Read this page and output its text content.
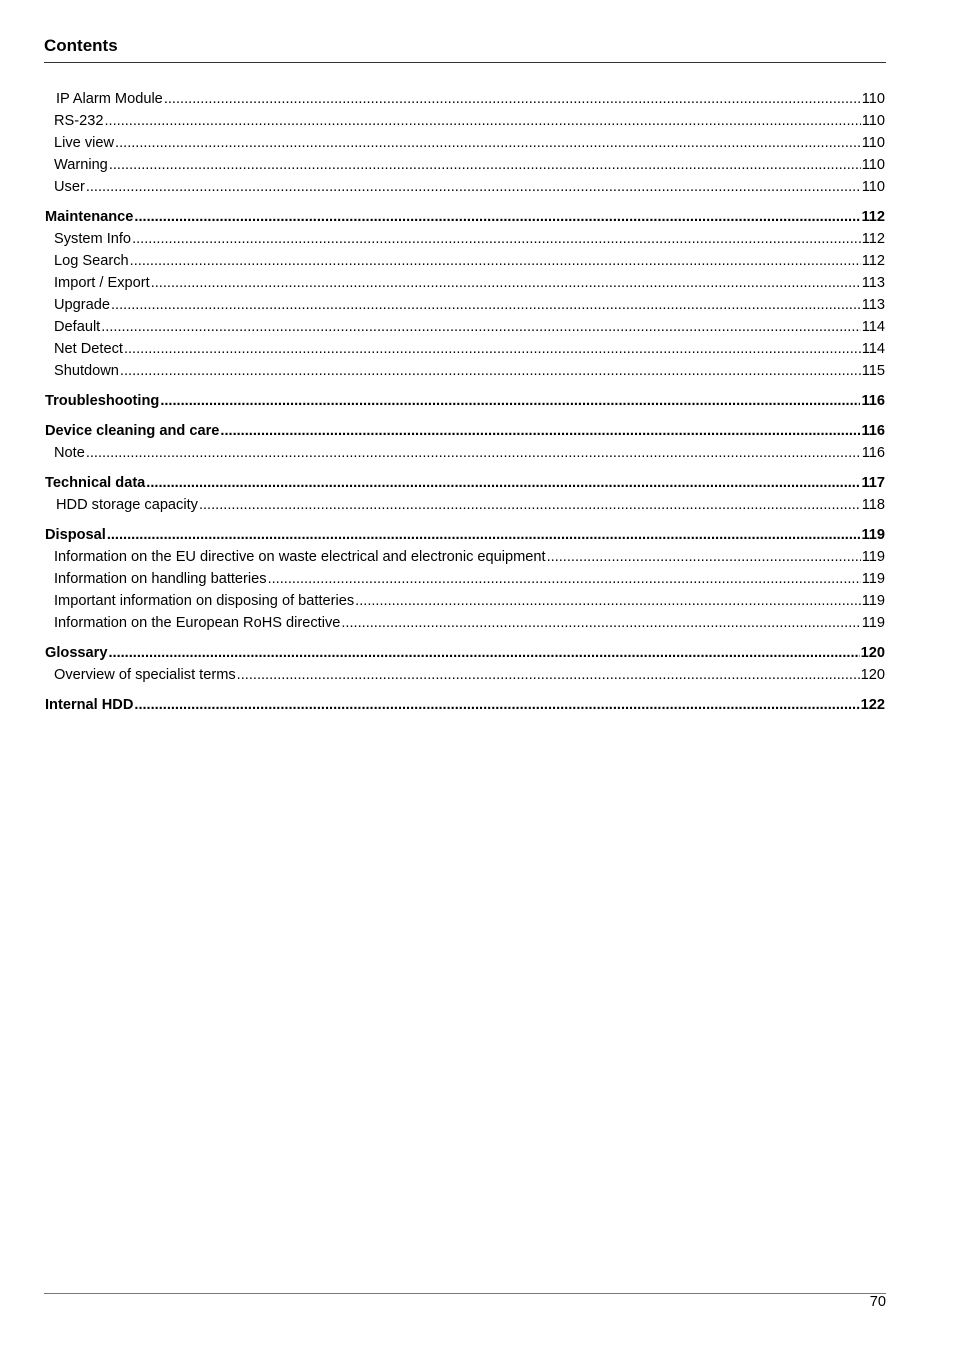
Contents
IP Alarm Module .....	110
RS-232 .....	110
Live view .....	110
Warning .....	110
User .....	110
Maintenance .....	112
System Info .....	112
Log Search .....	112
Import / Export .....	113
Upgrade .....	113
Default .....	114
Net Detect .....	114
Shutdown .....	115
Troubleshooting .....	116
Device cleaning and care .....	116
Note .....	116
Technical data .....	117
HDD storage capacity .....	118
Disposal .....	119
Information on the EU directive on waste electrical and electronic equipment .....	119
Information on handling batteries .....	119
Important information on disposing of batteries .....	119
Information on the European RoHS directive .....	119
Glossary .....	120
Overview of specialist terms .....	120
Internal HDD .....	122
70
